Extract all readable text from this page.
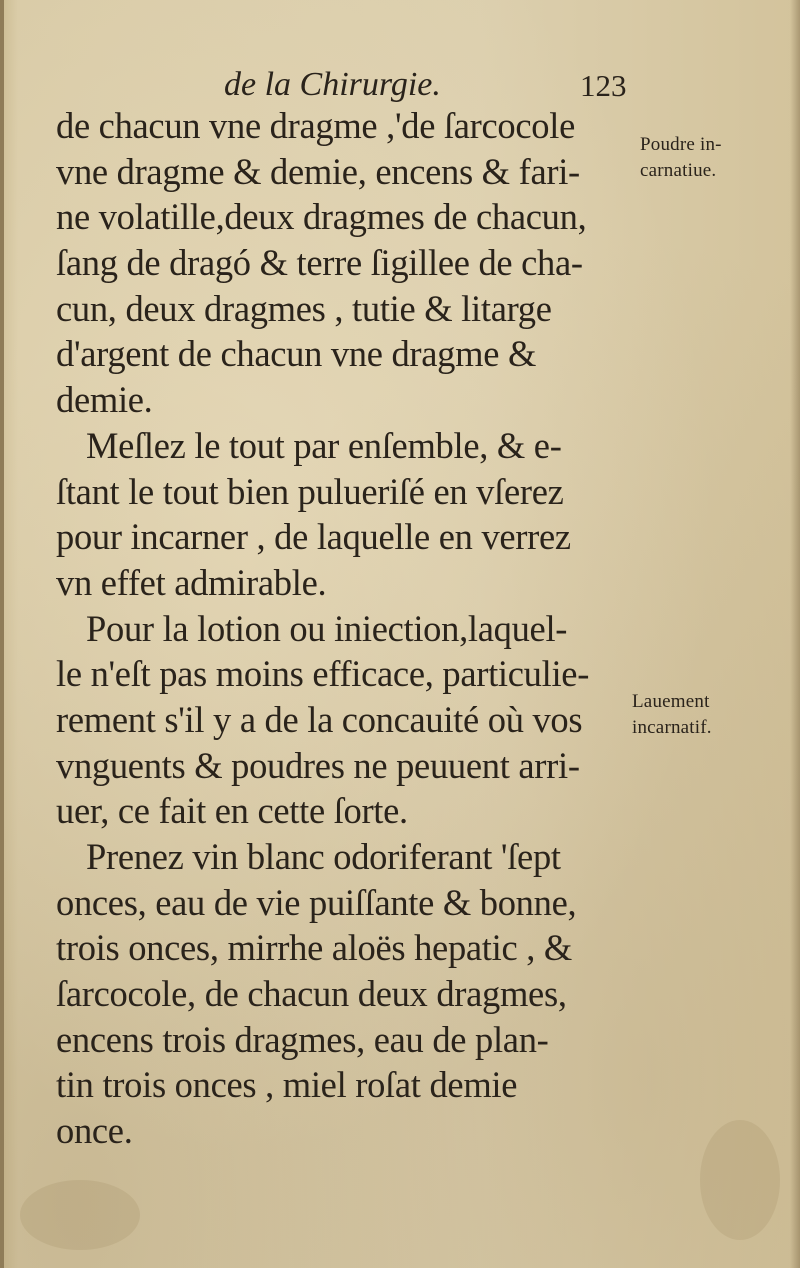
de la Chirurgie.	123
de chacun vne dragme ,'de ſarcocole
vne dragme & demie, encens & fari-
ne volatille,deux dragmes de chacun,
ſang de dragó & terre ſigillee de cha-
cun, deux dragmes , tutie & litarge
d'argent de chacun vne dragme &
demie.
Meſlez le tout par enſemble, & e-
ſtant le tout bien pulueriſé en vſerez
pour incarner , de laquelle en verrez
vn effet admirable.
Pour la lotion ou iniection,laquel-
le n'eſt pas moins efficace, particulie-
rement s'il y a de la concauité où vos
vnguents & poudres ne peuuent arri-
uer, ce fait en cette ſorte.
Prenez vin blanc odoriferant 'ſept
onces, eau de vie puiſſante & bonne,
trois onces, mirrhe aloës hepatic , &
ſarcocole, de chacun deux dragmes,
encens trois dragmes, eau de plan-
tin trois onces , miel roſat demie
once.
Poudre in-
carnatiue.
Lauement
incarnatif.
